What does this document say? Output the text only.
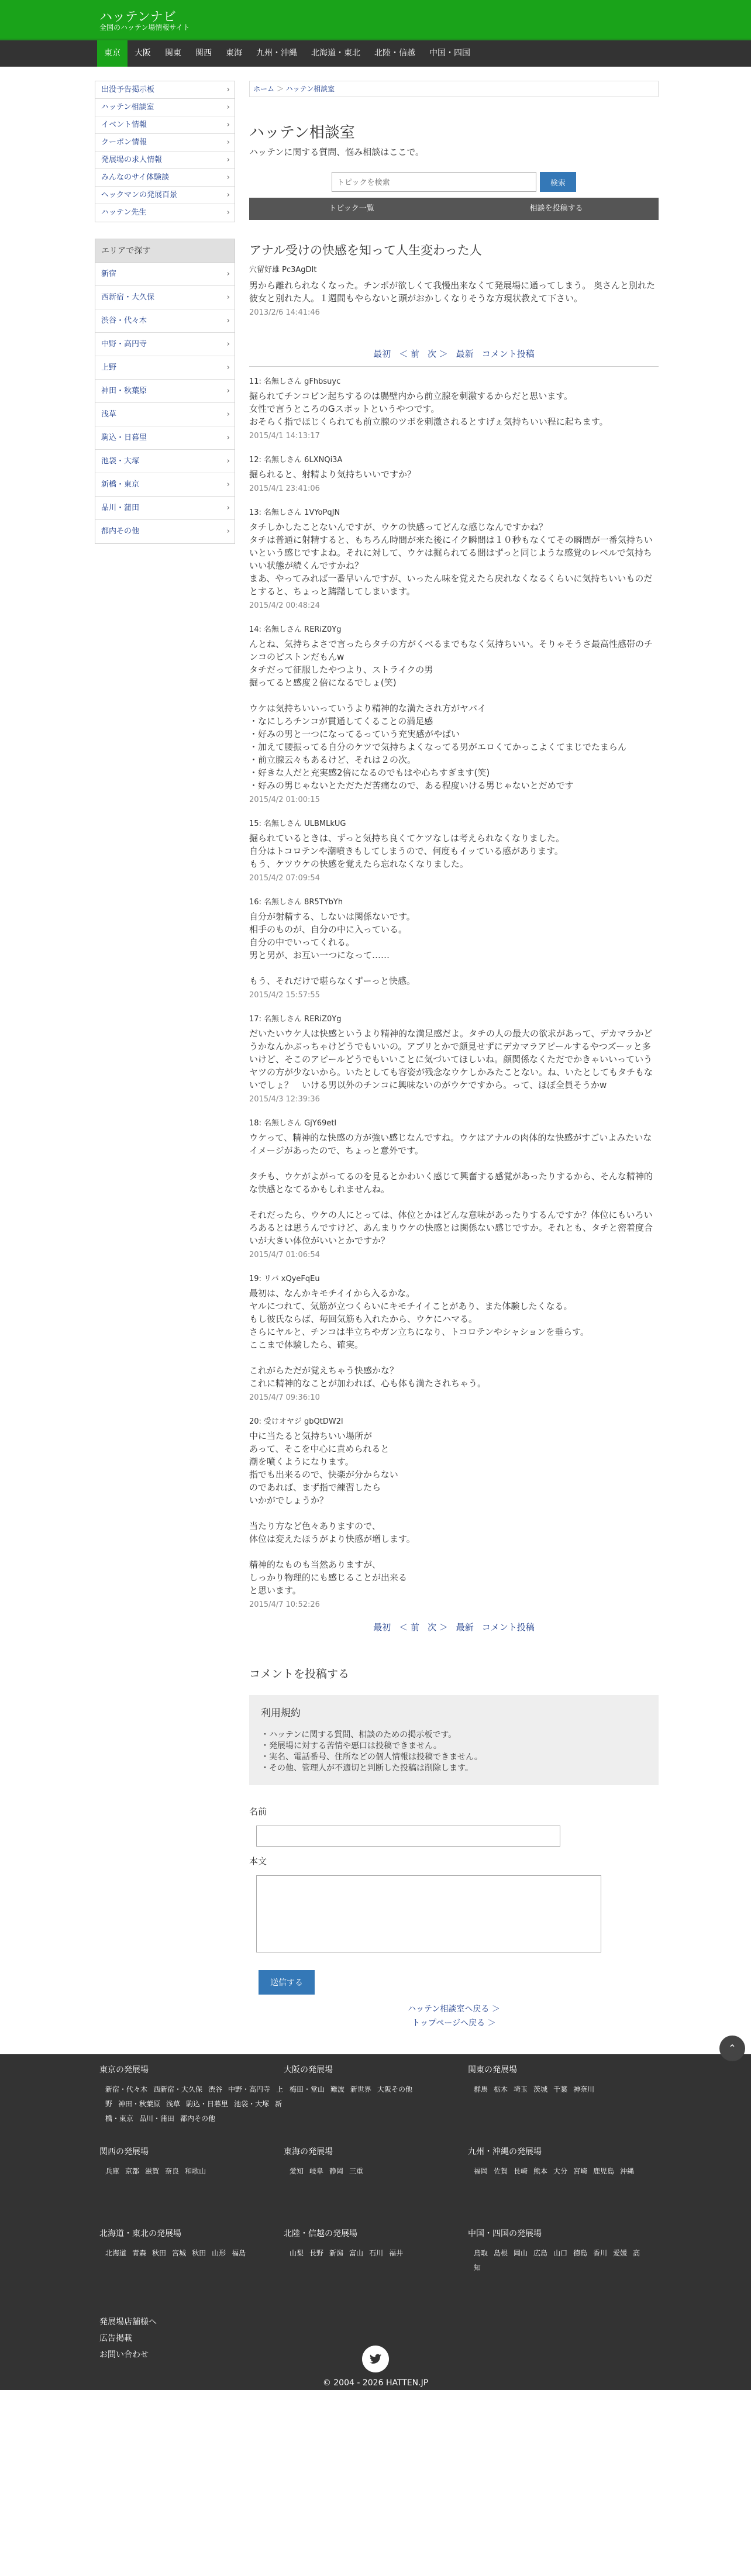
ハッテンナビ
全国のハッテン場情報サイト
東京	大阪	関東	関西	東海	九州・沖縄	北海道・東北	北陸・信越	中国・四国
出没予告掲示板	›
ハッテン相談室	›
イベント情報	›
クーポン情報	›
発展場の求人情報	›
みんなのサイ体験談	›
ヘックマンの発展百景	›
ハッテン先生	›
エリアで探す
新宿	›
西新宿・大久保	›
渋谷・代々木	›
中野・高円寺	›
上野	›
神田・秋葉原	›
浅草	›
駒込・日暮里	›
池袋・大塚	›
新橋・東京	›
品川・蒲田	›
都内その他	›
ホーム ＞ ハッテン相談室
ハッテン相談室
ハッテンに関する質問、悩み相談はここで。
トピックを検索
検索
トピック一覧	相談を投稿する
アナル受けの快感を知って人生変わった人
穴留好雄 Pc3AgDIt
男から離れられなくなった。チンポが欲しくて我慢出来なくて発展場に通ってしまう。 奥さんと別れた彼女と別れた人。１週間もやらないと頭がおかしくなりそうな方現状教えて下さい。
2013/2/6 14:41:46
最初 ＜ 前 次 ＞ 最新 コメント投稿
11: 名無しさん gFhbsuyc
掘られてチンコビン起ちするのは腸壁内から前立腺を刺激するからだと思います。
女性で言うところのGスポットというやつです。
おそらく指でほじくられても前立腺のツボを刺激されるとすげぇ気持ちいい程に起ちます。
2015/4/1 14:13:17
12: 名無しさん 6LXNQi3A
掘られると、射精より気持ちいいですか？
2015/4/1 23:41:06
13: 名無しさん 1VYoPqJN
タチしかしたことないんですが、ウケの快感ってどんな感じなんですかね？
タチは普通に射精すると、もちろん時間が来た後にイク瞬間は１０秒もなくてその瞬間が一番気持ちいいという感じですよね。それに対して、ウケは掘られてる間はずっと同じような感覚のレベルで気持ちいい状態が続くんですかね？
まあ、やってみれば一番早いんですが、いったん味を覚えたら戻れなくなるくらいに気持ちいいものだとすると、ちょっと躊躇してしまいます。
2015/4/2 00:48:24
14: 名無しさん RERiZ0Yg
んとね、気持ちよさで言ったらタチの方がくべるまでもなく気持ちいい。そりゃそうさ最高性感帯のチンコのピストンだもんw
タチだって征服したやつより、ストライクの男
掘ってると感度２倍になるでしょ(笑)

ウケは気持ちいいっていうより精神的な満たされ方がヤバイ
・なにしろチンコが貫通してくることの満足感
・好みの男と一つになってるっていう充実感がやばい
・加えて腰振ってる自分のケツで気持ちよくなってる男がエロくてかっこよくてまじでたまらん
・前立腺云々もあるけど、それは２の次。
・好きな人だと充実感2倍になるのでもはや心ちすぎます(笑)
・好みの男じゃないとただただ苦痛なので、ある程度いける男じゃないとだめです
2015/4/2 01:00:15
15: 名無しさん ULBMLkUG
掘られているときは、ずっと気持ち良くてケツなしは考えられなくなりました。
自分はトコロテンや潮噴きもしてしまうので、何度もイッている感があります。
もう、ケツウケの快感を覚えたら忘れなくなりました。
2015/4/2 07:09:54
16: 名無しさん 8R5TYbYh
自分が射精する、しないは関係ないです。
相手のものが、自分の中に入っている。
自分の中でいってくれる。
男と男が、お互い一つになって……

もう、それだけで堪らなくずーっと快感。
2015/4/2 15:57:55
17: 名無しさん RERiZ0Yg
だいたいウケ人は快感というより精神的な満足感だよ。タチの人の最大の欲求があって、デカマラかどうかなんかぶっちゃけどうでもいいの。アブリとかで顔見せずにデカマラアピールするやつズーッと多いけど、そこのアピールどうでもいいことに気づいてほしいね。顔関係なくただでかきゃいいっていうヤツの方が少ないから。いたとしても容姿が残念なウケしかみたことない。ね、いたとしてもタチもないでしょ？　いける男以外のチンコに興味ないのがウケですから。って、ほぼ全員そうかw
2015/4/3 12:39:36
18: 名無しさん GjY69etl
ウケって、精神的な快感の方が強い感じなんですね。ウケはアナルの肉体的な快感がすごいよみたいなイメージがあったので、ちょっと意外です。

タチも、ウケがよがってるのを見るとかわいく感じて興奮する感覚があったりするから、そんな精神的な快感となてるかもしれませんね。

それだったら、ウケの人にとっては、体位とかはどんな意味があったりするんですか？体位にもいろいろあるとは思うんですけど、あんまりウケの快感とは関係ない感じですか。それとも、タチと密着度合いが大きい体位がいいとかですか？
2015/4/7 01:06:54
19: リバ xQyeFqEu
最初は、なんかキモチイイから入るかな。
ヤルにつれて、気筋が立つくらいにキモチイイことがあり、また体験したくなる。
もし彼氏ならば、毎回気筋も入れたから、ウケにハマる。
さらにヤルと、チンコは半立ちやガン立ちになり、トコロテンやシャションを垂らす。
ここまで体験したら、確実。

これがらただが覚えちゃう快感かな？
これに精神的なことが加われば、心も体も満たされちゃう。
2015/4/7 09:36:10
20: 受けオヤジ gbQtDW2l
中に当たると気持ちいい場所が
あって、そこを中心に責められると
潮を噴くようになります。
指でも出来るので、快楽が分からない
のであれば、まず指で練習したら
いかがでしょうか？

当たり方など色々ありますので、
体位は変えたほうがより快感が増します。

精神的なものも当然ありますが、
しっかり物理的にも感じることが出来る
と思います。
2015/4/7 10:52:26
最初 ＜ 前 次 ＞ 最新 コメント投稿
コメントを投稿する
利用規約
・ハッテンに関する質問、相談のための掲示板です。
・発展場に対する苦情や悪口は投稿できません。
・実名、電話番号、住所などの個人情報は投稿できません。
・その他、管理人が不適切と判断した投稿は削除します。
名前
本文
送信する
ハッテン相談室へ戻る ＞
トップページへ戻る ＞
⌃
東京の発展場
新宿・代々木 西新宿・大久保 渋谷 中野・高円寺 上野 神田・秋葉原 浅草 駒込・日暮里 池袋・大塚 新橋・東京 品川・蒲田 都内その他
大阪の発展場
梅田・堂山 難波 新世界 大阪その他
関東の発展場
群馬 栃木 埼玉 茨城 千葉 神奈川
関西の発展場
兵庫 京都 滋賀 奈良 和歌山
東海の発展場
愛知 岐阜 静岡 三重
九州・沖縄の発展場
福岡 佐賀 長崎 熊本 大分 宮崎 鹿児島 沖縄
北海道・東北の発展場
北海道 青森 秋田 宮城 秋田 山形 福島
北陸・信越の発展場
山梨 長野 新潟 富山 石川 福井
中国・四国の発展場
鳥取 島根 岡山 広島 山口 徳島 香川 愛媛 高知
発展場店舗様へ
広告掲載
お問い合わせ
© 2004 - 2026 HATTEN.JP
